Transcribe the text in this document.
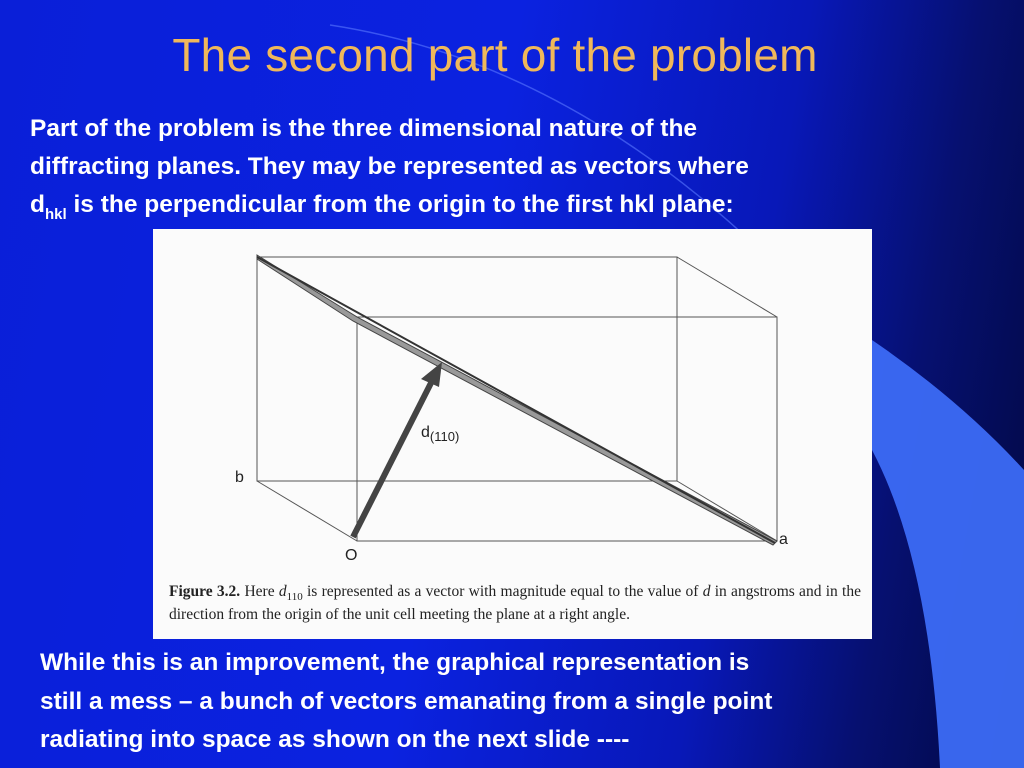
The second part of the problem
Part of the problem is the three dimensional nature of the
diffracting planes. They may be represented as vectors where
$d_{hkl}$ is the perpendicular from the origin to the first hkl plane:
$d_{(110)}$
b
a
O
Figure 3.2. Here $d_{110}$ is represented as a vector with magnitude equal to the value of d in angstroms and in the direction from the origin of the unit cell meeting the plane at a right angle.
While this is an improvement, the graphical representation is
still a mess – a bunch of vectors emanating from a single point
radiating into space as shown on the next slide ----
